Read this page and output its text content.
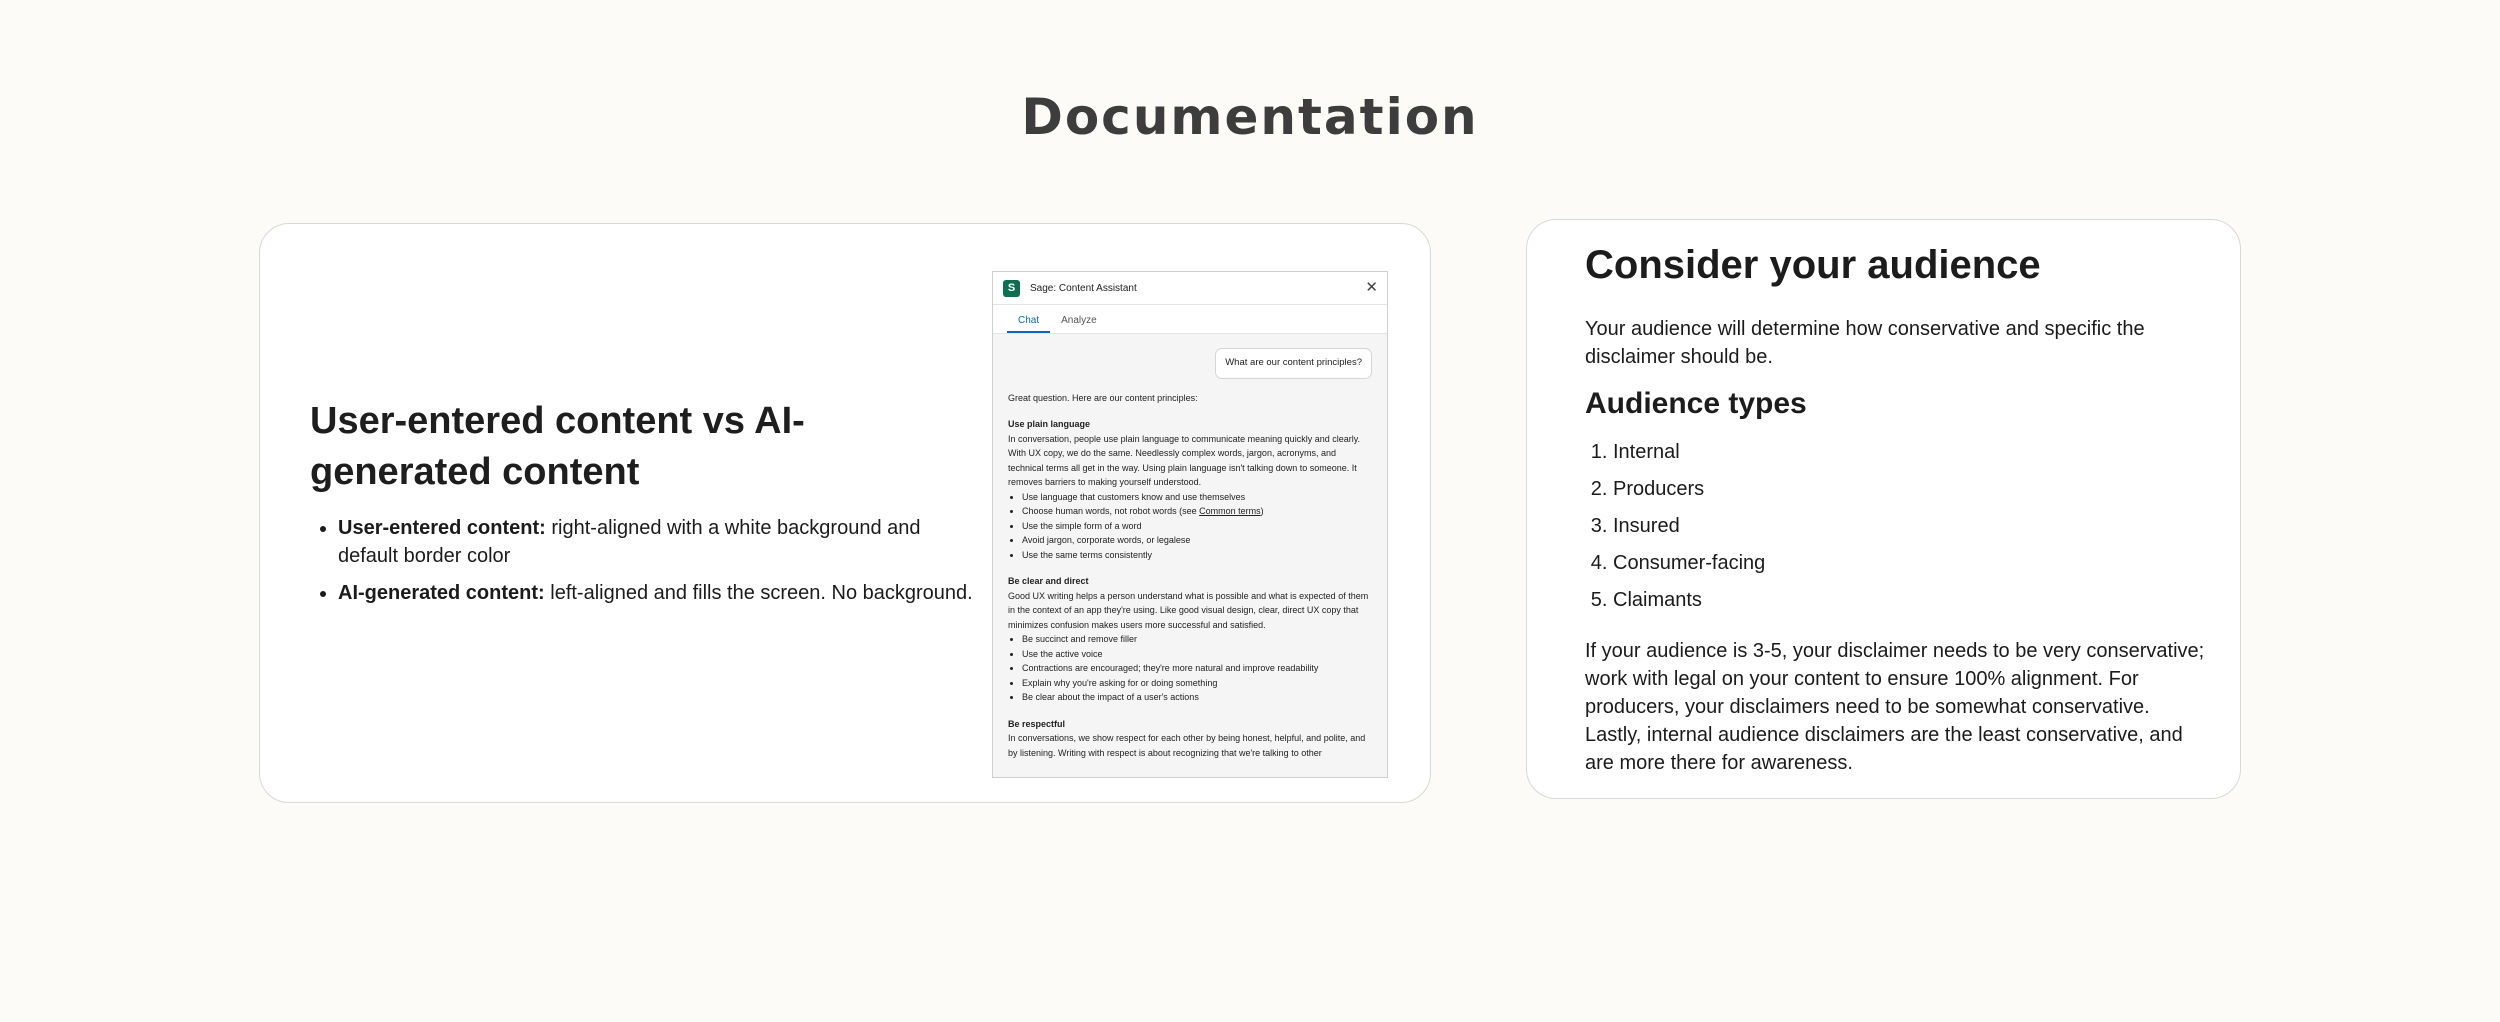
Documentation
User-entered content vs AI-generated content
• User-entered content: right-aligned with a white background and default border color
• AI-generated content: left-aligned and fills the screen. No background.
S	Sage: Content Assistant	✕
Chat	Analyze
What are our content principles?
Great question. Here are our content principles:
Use plain language
In conversation, people use plain language to communicate meaning quickly and clearly. With UX copy, we do the same. Needlessly complex words, jargon, acronyms, and technical terms all get in the way. Using plain language isn't talking down to someone. It removes barriers to making yourself understood.
• Use language that customers know and use themselves
• Choose human words, not robot words (see Common terms)
• Use the simple form of a word
• Avoid jargon, corporate words, or legalese
• Use the same terms consistently
Be clear and direct
Good UX writing helps a person understand what is possible and what is expected of them in the context of an app they're using. Like good visual design, clear, direct UX copy that minimizes confusion makes users more successful and satisfied.
• Be succinct and remove filler
• Use the active voice
• Contractions are encouraged; they're more natural and improve readability
• Explain why you're asking for or doing something
• Be clear about the impact of a user's actions
Be respectful
In conversations, we show respect for each other by being honest, helpful, and polite, and by listening. Writing with respect is about recognizing that we're talking to other
Consider your audience
Your audience will determine how conservative and specific the disclaimer should be.
Audience types
1. Internal
2. Producers
3. Insured
4. Consumer-facing
5. Claimants
If your audience is 3-5, your disclaimer needs to be very conservative; work with legal on your content to ensure 100% alignment. For producers, your disclaimers need to be somewhat conservative. Lastly, internal audience disclaimers are the least conservative, and are more there for awareness.
